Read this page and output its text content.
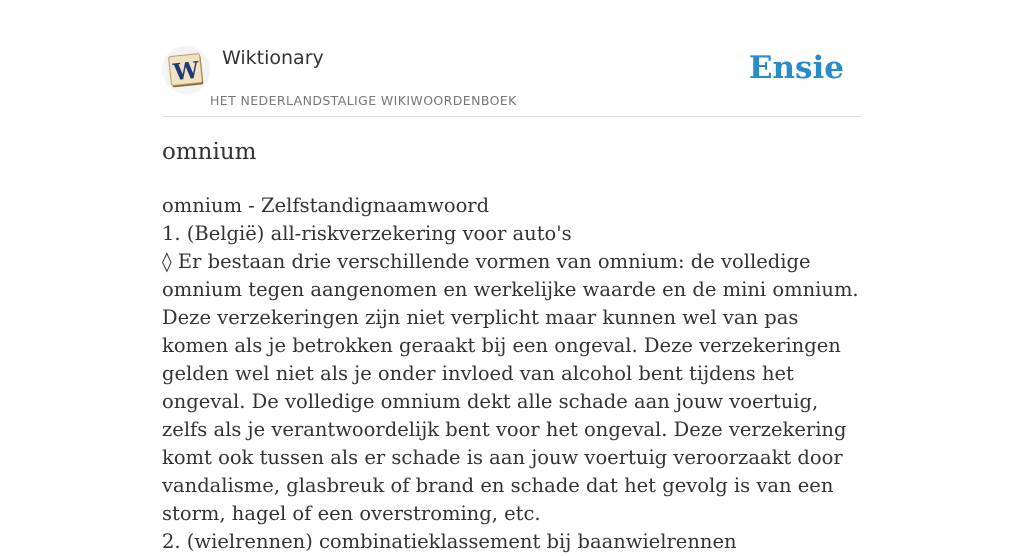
W Wiktionary
HET NEDERLANDSTALIGE WIKIWOORDENBOEK
Ensie
omnium
omnium - Zelfstandignaamwoord
1. (België) all-riskverzekering voor auto's
◊ Er bestaan drie verschillende vormen van omnium: de volledige omnium tegen aangenomen en werkelijke waarde en de mini omnium. Deze verzekeringen zijn niet verplicht maar kunnen wel van pas komen als je betrokken geraakt bij een ongeval. Deze verzekeringen gelden wel niet als je onder invloed van alcohol bent tijdens het ongeval. De volledige omnium dekt alle schade aan jouw voertuig, zelfs als je verantwoordelijk bent voor het ongeval. Deze verzekering komt ook tussen als er schade is aan jouw voertuig veroorzaakt door vandalisme, glasbreuk of brand en schade dat het gevolg is van een storm, hagel of een overstroming, etc.
2. (wielrennen) combinatieklassement bij baanwielrennen
